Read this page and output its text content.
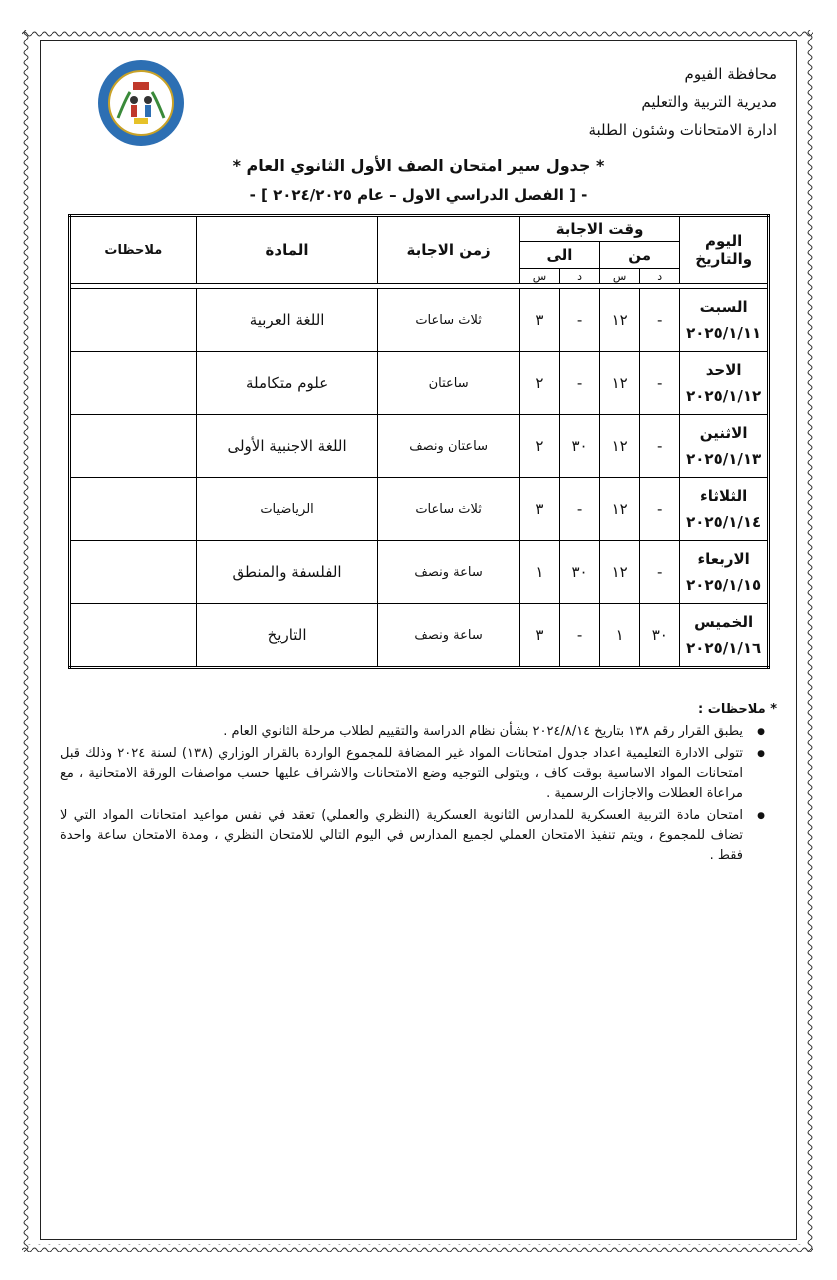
محافظة الفيوم
مديرية التربية والتعليم
ادارة الامتحانات وشئون الطلبة
* جدول سير امتحان الصف الأول الثانوي العام *
- [ الفصل الدراسي الاول – عام ٢٠٢٤/٢٠٢٥ ] -
اليوم والتاريخ	وقت الاجابة				زمن الاجابة	المادة	ملاحظات
	من		الى				
	د	س	د	س			

السبت
٢٠٢٥/١/١١	-	١٢	-	٣	ثلاث ساعات	اللغة العربية	

الاحد
٢٠٢٥/١/١٢	-	١٢	-	٢	ساعتان	علوم متكاملة	

الاثنين
٢٠٢٥/١/١٣	-	١٢	٣٠	٢	ساعتان ونصف	اللغة الاجنبية الأولى	

الثلاثاء
٢٠٢٥/١/١٤	-	١٢	-	٣	ثلاث ساعات	الرياضيات	

الاربعاء
٢٠٢٥/١/١٥	-	١٢	٣٠	١	ساعة ونصف	الفلسفة والمنطق	

الخميس
٢٠٢٥/١/١٦	٣٠	١	-	٣	ساعة ونصف	التاريخ	
* ملاحظات :
● يطبق القرار رقم ١٣٨ بتاريخ ٢٠٢٤/٨/١٤ بشأن نظام الدراسة والتقييم لطلاب مرحلة الثانوي العام .
● تتولى الادارة التعليمية اعداد جدول امتحانات المواد غير المضافة للمجموع الواردة بالقرار الوزاري (١٣٨) لسنة ٢٠٢٤ وذلك قبل امتحانات المواد الاساسية بوقت كاف ، ويتولى التوجيه وضع الامتحانات والاشراف عليها حسب مواصفات الورقة الامتحانية ، مع مراعاة العطلات والاجازات الرسمية .
● امتحان مادة التربية العسكرية للمدارس الثانوية العسكرية (النظري والعملي) تعقد في نفس مواعيد امتحانات المواد التي لا تضاف للمجموع ، ويتم تنفيذ الامتحان العملي لجميع المدارس في اليوم التالي للامتحان النظري ، ومدة الامتحان ساعة واحدة فقط .
